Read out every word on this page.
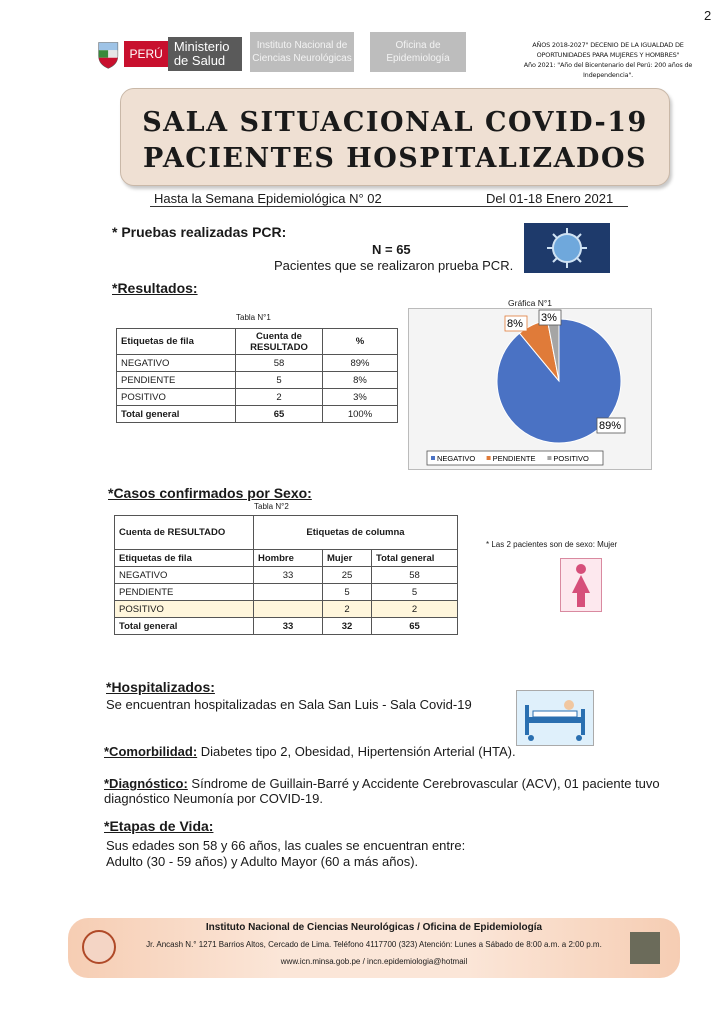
2
PERÚ Ministerio de Salud
Instituto Nacional de Ciencias Neurológicas
Oficina de Epidemiología
AÑOS 2018-2027" DECENIO DE LA IGUALDAD DE OPORTUNIDADES PARA MUJERES Y HOMBRES"
Año 2021: "Año del Bicentenario del Perú: 200 años de Independencia".
SALA SITUACIONAL COVID-19
PACIENTES HOSPITALIZADOS
Hasta la Semana Epidemiológica N° 02	Del 01-18 Enero 2021
* Pruebas realizadas PCR:
N = 65
Pacientes que se realizaron prueba PCR.
*Resultados:
Tabla N°1
Etiquetas de fila	Cuenta de RESULTADO	%
NEGATIVO	58	89%
PENDIENTE	5	8%
POSITIVO	2	3%
Total general	65	100%
Gráfica N°1
89%
8% 3%
NEGATIVO PENDIENTE POSITIVO
*Casos confirmados por Sexo:
Tabla N°2
Cuenta de RESULTADO	Etiquetas de columna		
Etiquetas de fila	Hombre	Mujer	Total general
NEGATIVO	33	25	58
PENDIENTE		5	5
POSITIVO		2	2
Total general	33	32	65
* Las 2 pacientes son de sexo: Mujer
*Hospitalizados:
Se encuentran hospitalizadas en Sala San Luis - Sala Covid-19
*Comorbilidad: Diabetes tipo 2, Obesidad, Hipertensión Arterial (HTA).
*Diagnóstico: Síndrome de Guillain-Barré y Accidente Cerebrovascular (ACV), 01 paciente tuvo diagnóstico Neumonía por COVID-19.
*Etapas de Vida:
Sus edades son 58 y 66 años, las cuales se encuentran entre:
Adulto (30 - 59 años) y Adulto Mayor (60 a más años).
Instituto Nacional de Ciencias Neurológicas / Oficina de Epidemiología
Jr. Ancash N.° 1271 Barrios Altos, Cercado de Lima. Teléfono 4117700 (323) Atención: Lunes a Sábado de 8:00 a.m. a 2:00 p.m.
www.icn.minsa.gob.pe / incn.epidemiologia@hotmail
